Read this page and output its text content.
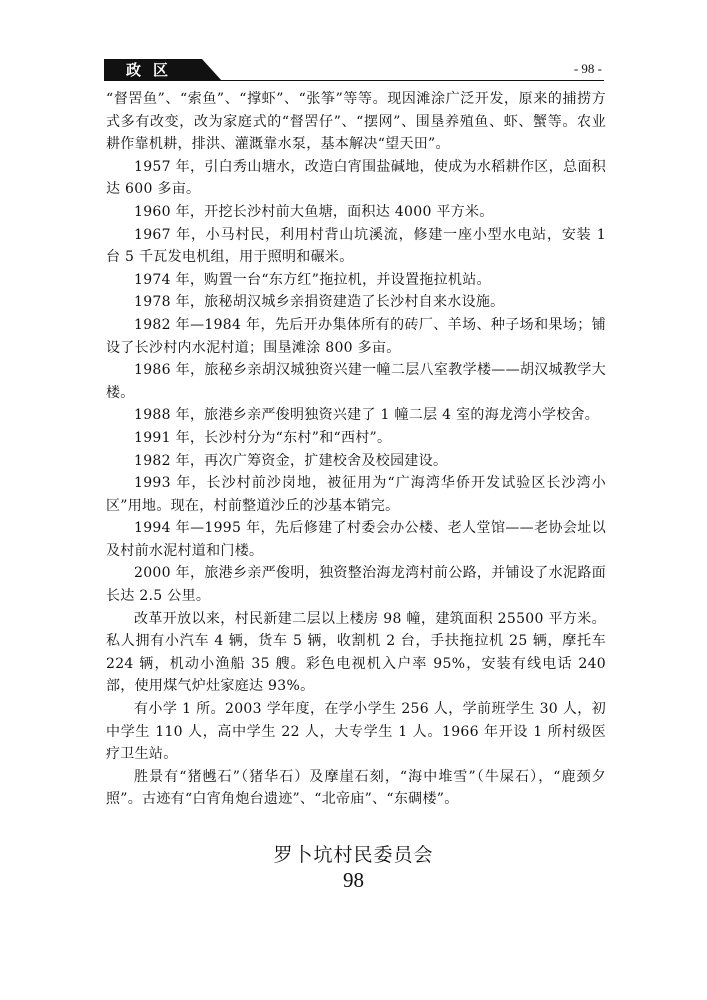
政区	- 98 -

“督罟鱼”、“索鱼”、“撑虾”、“张筝”等等。现因滩涂广泛开发，原来的捕捞方式多有改变，改为家庭式的“督罟仔”、“摆网”、围垦养殖鱼、虾、蟹等。农业耕作靠机耕，排洪、灌溉靠水泵，基本解决“望天田”。

1957 年，引白秀山塘水，改造白宵围盐碱地，使成为水稻耕作区，总面积达 600 多亩。

1960 年，开挖长沙村前大鱼塘，面积达 4000 平方米。

1967 年，小马村民，利用村背山坑溪流，修建一座小型水电站，安装 1 台 5 千瓦发电机组，用于照明和碾米。

1974 年，购置一台“东方红”拖拉机，并设置拖拉机站。

1978 年，旅秘胡汉城乡亲捐资建造了长沙村自来水设施。

1982 年—1984 年，先后开办集体所有的砖厂、羊场、种子场和果场；铺设了长沙村内水泥村道；围垦滩涂 800 多亩。

1986 年，旅秘乡亲胡汉城独资兴建一幢二层八室教学楼——胡汉城教学大楼。

1988 年，旅港乡亲严俊明独资兴建了 1 幢二层 4 室的海龙湾小学校舍。

1991 年，长沙村分为“东村”和“西村”。

1982 年，再次广筹资金，扩建校舍及校园建设。

1993 年，长沙村前沙岗地，被征用为“广海湾华侨开发试验区长沙湾小区”用地。现在，村前整道沙丘的沙基本销完。

1994 年—1995 年，先后修建了村委会办公楼、老人堂馆——老协会址以及村前水泥村道和门楼。

2000 年，旅港乡亲严俊明，独资整治海龙湾村前公路，并铺设了水泥路面长达 2.5 公里。

改革开放以来，村民新建二层以上楼房 98 幢，建筑面积 25500 平方米。私人拥有小汽车 4 辆，货车 5 辆，收割机 2 台，手扶拖拉机 25 辆，摩托车 224 辆，机动小渔船 35 艘。彩色电视机入户率 95%，安装有线电话 240 部，使用煤气炉灶家庭达 93%。

有小学 1 所。2003 学年度，在学小学生 256 人，学前班学生 30 人，初中学生 110 人，高中学生 22 人，大专学生 1 人。1966 年开设 1 所村级医疗卫生站。

胜景有“猪乸石”（猪华石）及摩崖石刻，“海中堆雪”（牛屎石），“鹿颈夕照”。古迹有“白宵角炮台遗迹”、“北帝庙”、“东碉楼”。

罗卜坑村民委员会
98
